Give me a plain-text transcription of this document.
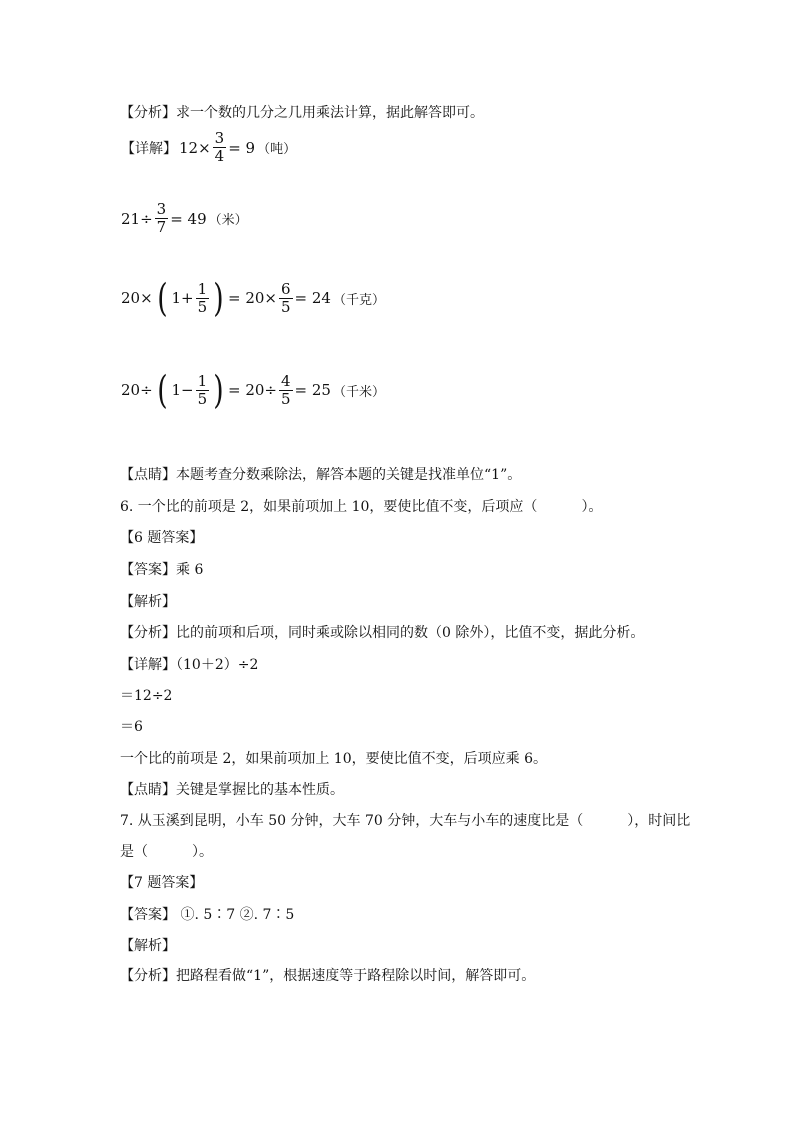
【分析】求一个数的几分之几用乘法计算，据此解答即可。
【详解】 $12\times \frac{3}{4} = 9$ （吨）
$21\div \frac{3}{7} = 49$ （米）
20× ( $1+ \frac{1}{5}$ ) = $20\times \frac{6}{5} = 24$ （千克）
20÷ ( $1- \frac{1}{5}$ ) = $20\div \frac{4}{5} = 25$ （千米）
【点睛】本题考查分数乘除法，解答本题的关键是找准单位“1”。
6. 一个比的前项是 2，如果前项加上 10，要使比值不变，后项应（	）。
【6 题答案】
【答案】乘 6
【解析】
【分析】比的前项和后项，同时乘或除以相同的数（0 除外），比值不变，据此分析。
【详解】（10＋2）÷2
＝12÷2
＝6
一个比的前项是 2，如果前项加上 10，要使比值不变，后项应乘 6。
【点睛】关键是掌握比的基本性质。
7. 从玉溪到昆明，小车 50 分钟，大车 70 分钟，大车与小车的速度比是（	），时间比
是（	）。
【7 题答案】
【答案】 ①. 5∶7 ②. 7∶5
【解析】
【分析】把路程看做“1”，根据速度等于路程除以时间，解答即可。
